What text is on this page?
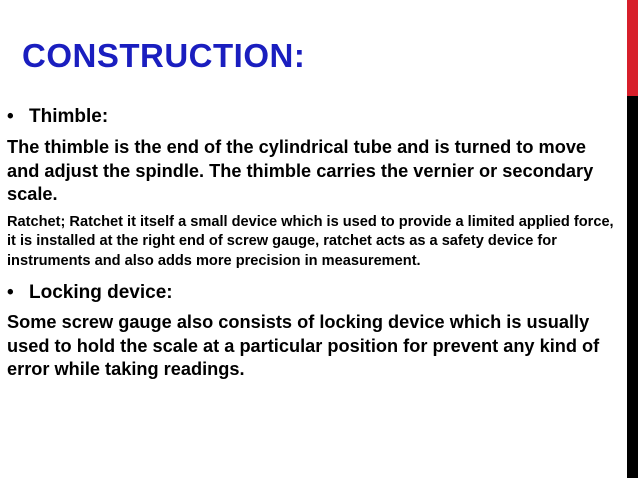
CONSTRUCTION:

• Thimble:

The thimble is the end of the cylindrical tube and is turned to move and adjust the spindle. The thimble carries the vernier or secondary scale.

Ratchet; Ratchet it itself a small device which is used to provide a limited applied force, it is installed at the right end of screw gauge, ratchet acts as a safety device for instruments and also adds more precision in measurement.

• Locking device:

Some screw gauge also consists of locking device which is usually used to hold the scale at a particular position for prevent any kind of error while taking readings.
